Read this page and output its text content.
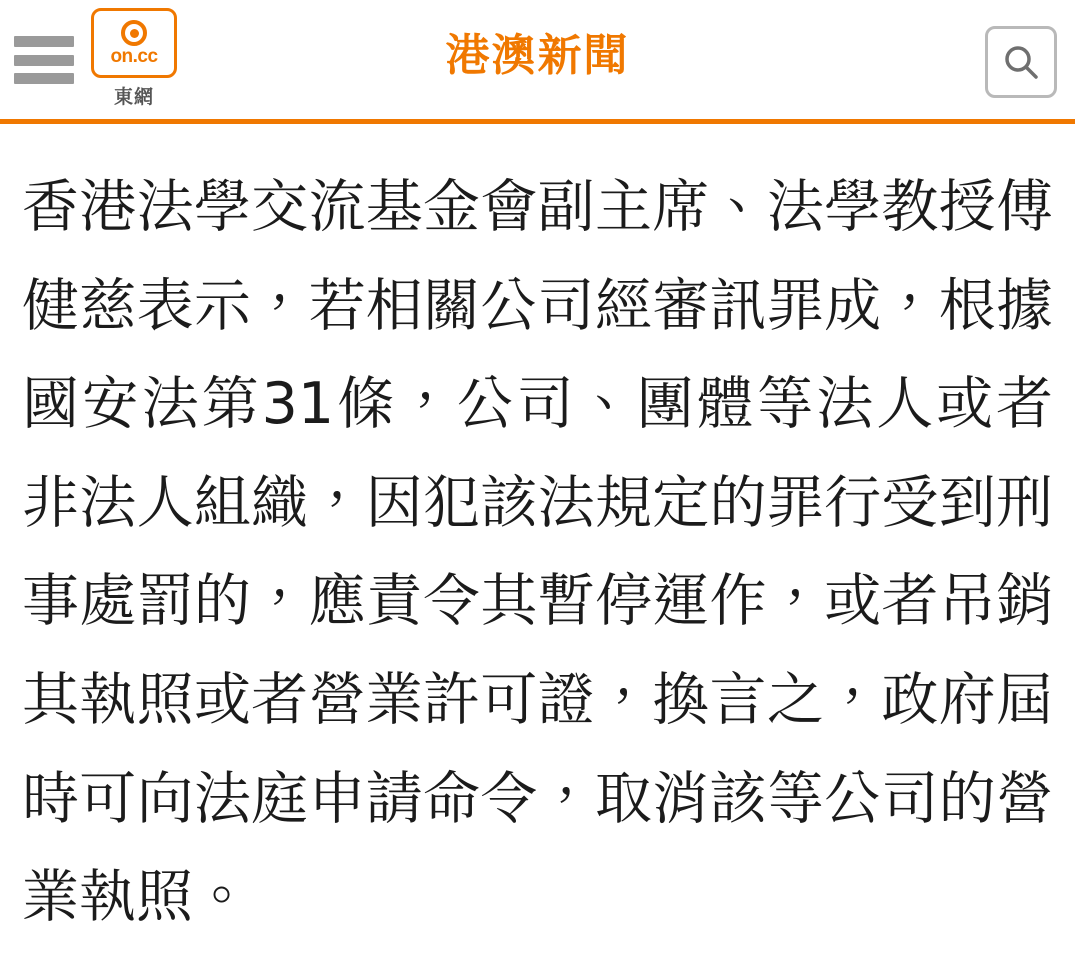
on.cc
東網
港澳新聞

香港法學交流基金會副主席、法學教授傅健慈表示，若相關公司經審訊罪成，根據國安法第31條，公司、團體等法人或者非法人組織，因犯該法規定的罪行受到刑事處罰的，應責令其暫停運作，或者吊銷其執照或者營業許可證，換言之，政府屆時可向法庭申請命令，取消該等公司的營業執照。
